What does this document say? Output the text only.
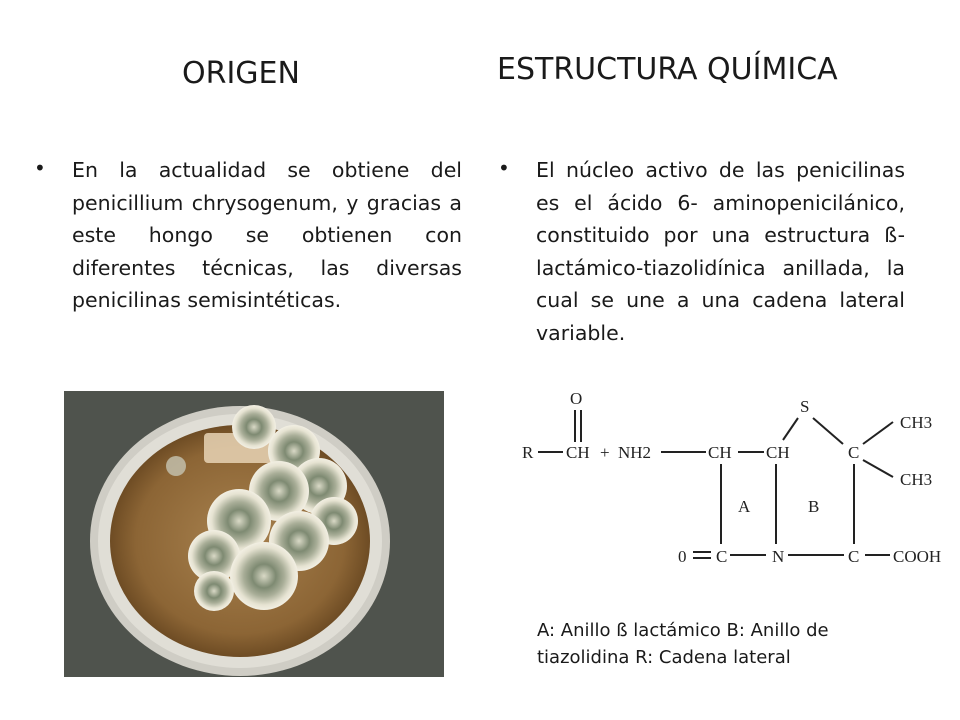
ORIGEN	ESTRUCTURA QUÍMICA
• En la actualidad se obtiene del penicillium chrysogenum, y gracias a este hongo se obtienen con diferentes técnicas, las diversas penicilinas semisintéticas.
• El núcleo activo de las penicilinas es el ácido 6- aminopenicilánico, constituido por una estructura ß-lactámico-tiazolidínica anillada, la cual se une a una cadena lateral variable.
O	S
R CH + NH2	CH CH	C
CH3
CH3
A	B
0 C	N	C COOH
A: Anillo ß lactámico B: Anillo de tiazolidina R: Cadena lateral
